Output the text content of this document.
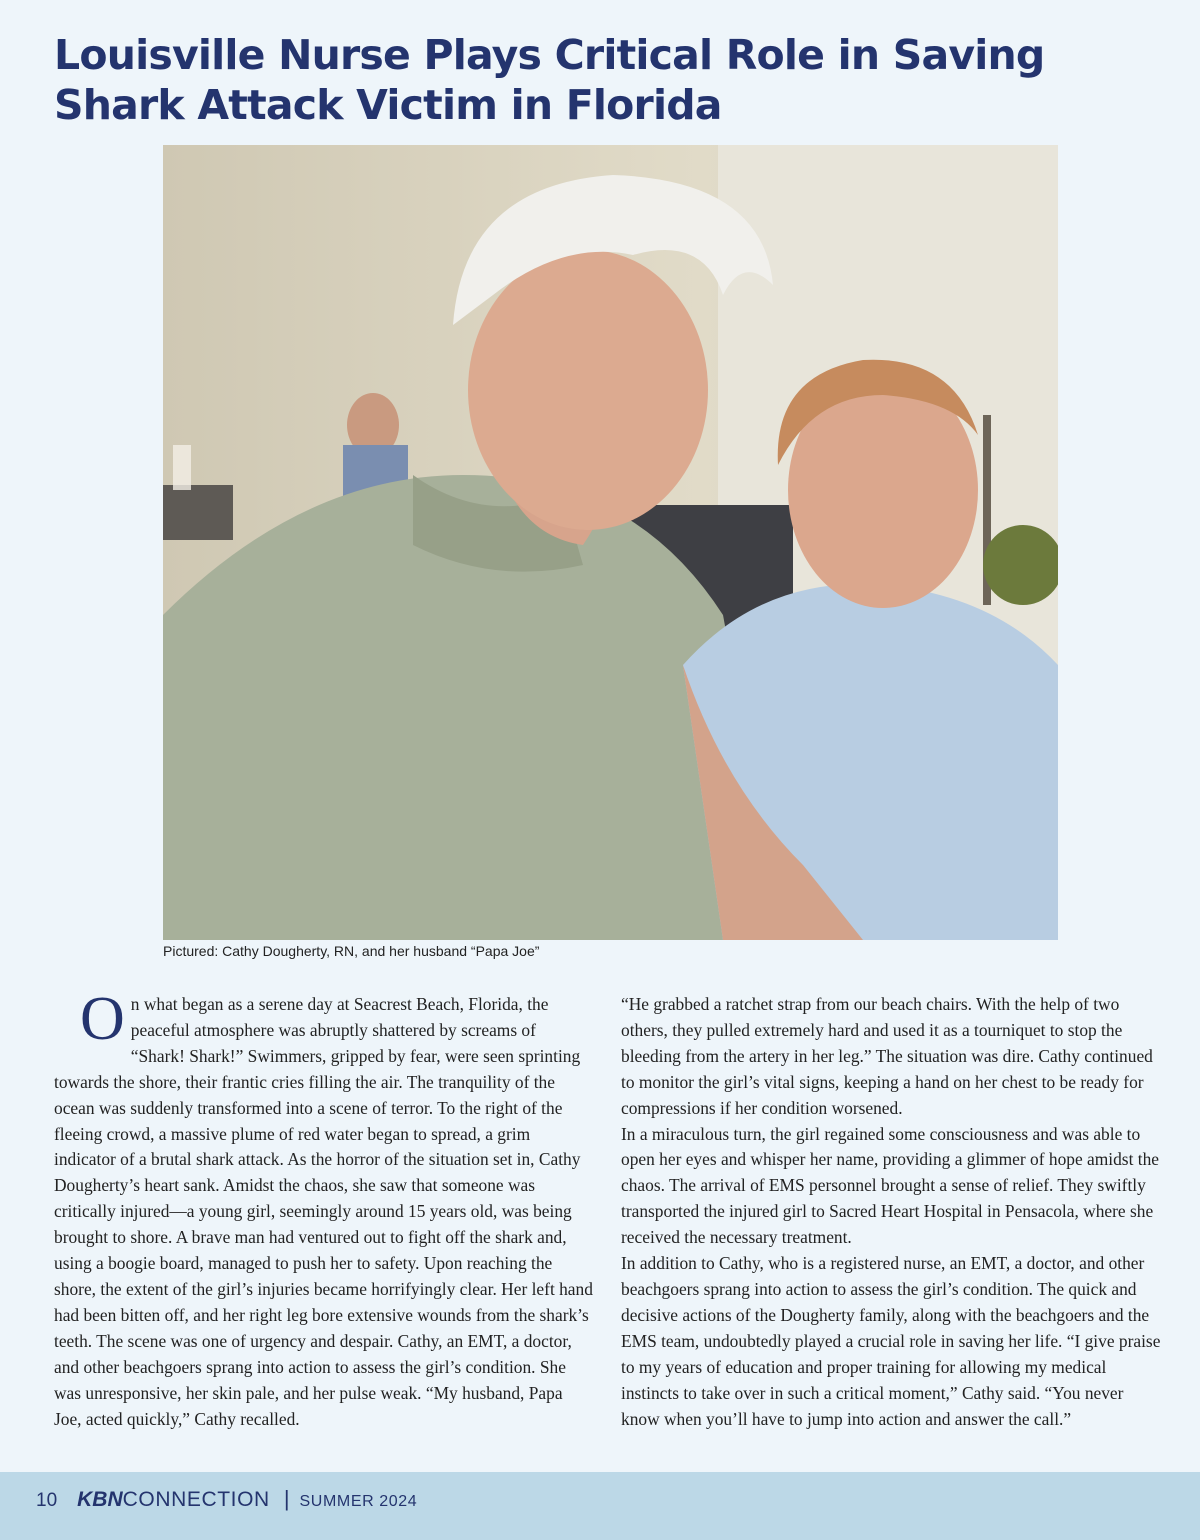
Louisville Nurse Plays Critical Role in Saving
Shark Attack Victim in Florida

Pictured: Cathy Dougherty, RN, and her husband “Papa Joe”

On what began as a serene day at Seacrest Beach, Florida, the peaceful atmosphere was abruptly shattered by screams of “Shark! Shark!” Swimmers, gripped by fear, were seen sprinting towards the shore, their frantic cries filling the air. The tranquility of the ocean was suddenly transformed into a scene of terror. To the right of the fleeing crowd, a massive plume of red water began to spread, a grim indicator of a brutal shark attack. As the horror of the situation set in, Cathy Dougherty’s heart sank. Amidst the chaos, she saw that someone was critically injured—a young girl, seemingly around 15 years old, was being brought to shore. A brave man had ventured out to fight off the shark and, using a boogie board, managed to push her to safety. Upon reaching the shore, the extent of the girl’s injuries became horrifyingly clear. Her left hand had been bitten off, and her right leg bore extensive wounds from the shark’s teeth. The scene was one of urgency and despair. Cathy, an EMT, a doctor, and other beachgoers sprang into action to assess the girl’s condition. She was unresponsive, her skin pale, and her pulse weak. “My husband, Papa Joe, acted quickly,” Cathy recalled.

“He grabbed a ratchet strap from our beach chairs. With the help of two others, they pulled extremely hard and used it as a tourniquet to stop the bleeding from the artery in her leg.” The situation was dire. Cathy continued to monitor the girl’s vital signs, keeping a hand on her chest to be ready for compressions if her condition worsened.

In a miraculous turn, the girl regained some consciousness and was able to open her eyes and whisper her name, providing a glimmer of hope amidst the chaos. The arrival of EMS personnel brought a sense of relief. They swiftly transported the injured girl to Sacred Heart Hospital in Pensacola, where she received the necessary treatment.

In addition to Cathy, who is a registered nurse, an EMT, a doctor, and other beachgoers sprang into action to assess the girl’s condition. The quick and decisive actions of the Dougherty family, along with the beachgoers and the EMS team, undoubtedly played a crucial role in saving her life. “I give praise to my years of education and proper training for allowing my medical instincts to take over in such a critical moment,” Cathy said. “You never know when you’ll have to jump into action and answer the call.”

10 KBN CONNECTION | SUMMER 2024
